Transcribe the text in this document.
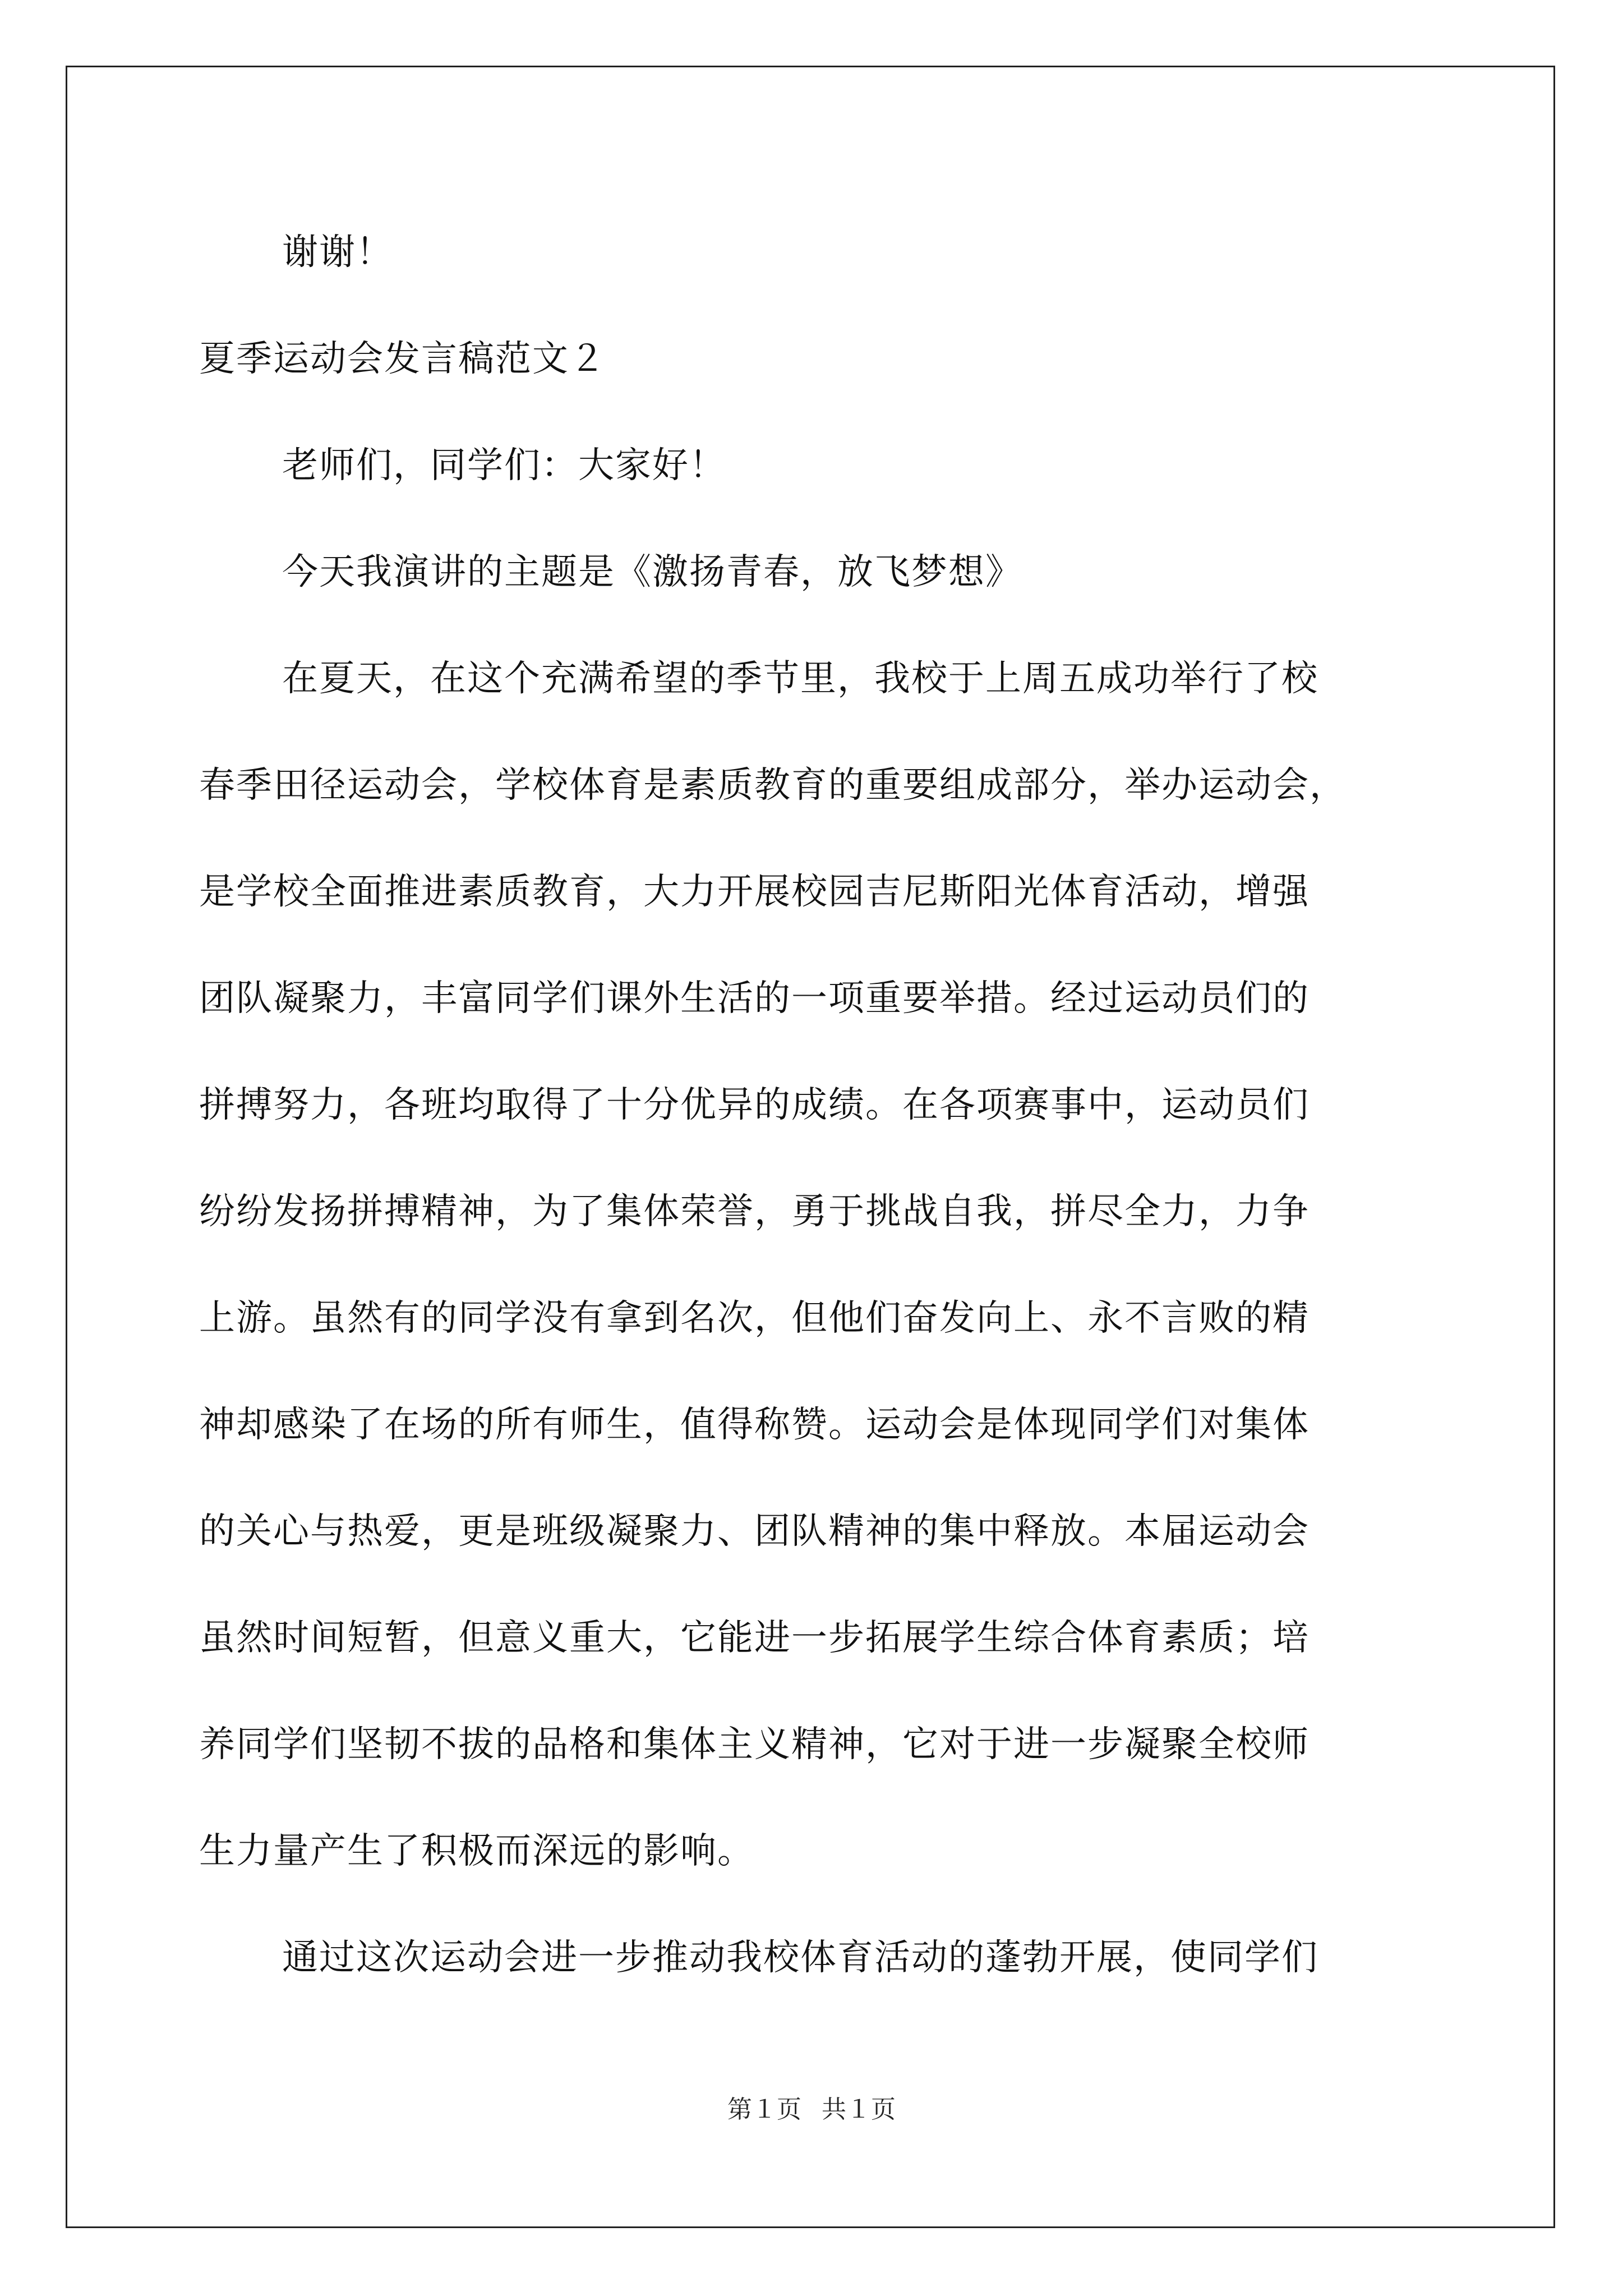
谢谢！
夏季运动会发言稿范文２
老师们，同学们：大家好！
今天我演讲的主题是《激扬青春，放飞梦想》
在夏天，在这个充满希望的季节里，我校于上周五成功举行了校
春季田径运动会，学校体育是素质教育的重要组成部分，举办运动会，
是学校全面推进素质教育，大力开展校园吉尼斯阳光体育活动，增强
团队凝聚力，丰富同学们课外生活的一项重要举措。经过运动员们的
拼搏努力，各班均取得了十分优异的成绩。在各项赛事中，运动员们
纷纷发扬拼搏精神，为了集体荣誉，勇于挑战自我，拼尽全力，力争
上游。虽然有的同学没有拿到名次，但他们奋发向上、永不言败的精
神却感染了在场的所有师生，值得称赞。运动会是体现同学们对集体
的关心与热爱，更是班级凝聚力、团队精神的集中释放。本届运动会
虽然时间短暂，但意义重大，它能进一步拓展学生综合体育素质；培
养同学们坚韧不拔的品格和集体主义精神，它对于进一步凝聚全校师
生力量产生了积极而深远的影响。
通过这次运动会进一步推动我校体育活动的蓬勃开展，使同学们
第１页 共１页
